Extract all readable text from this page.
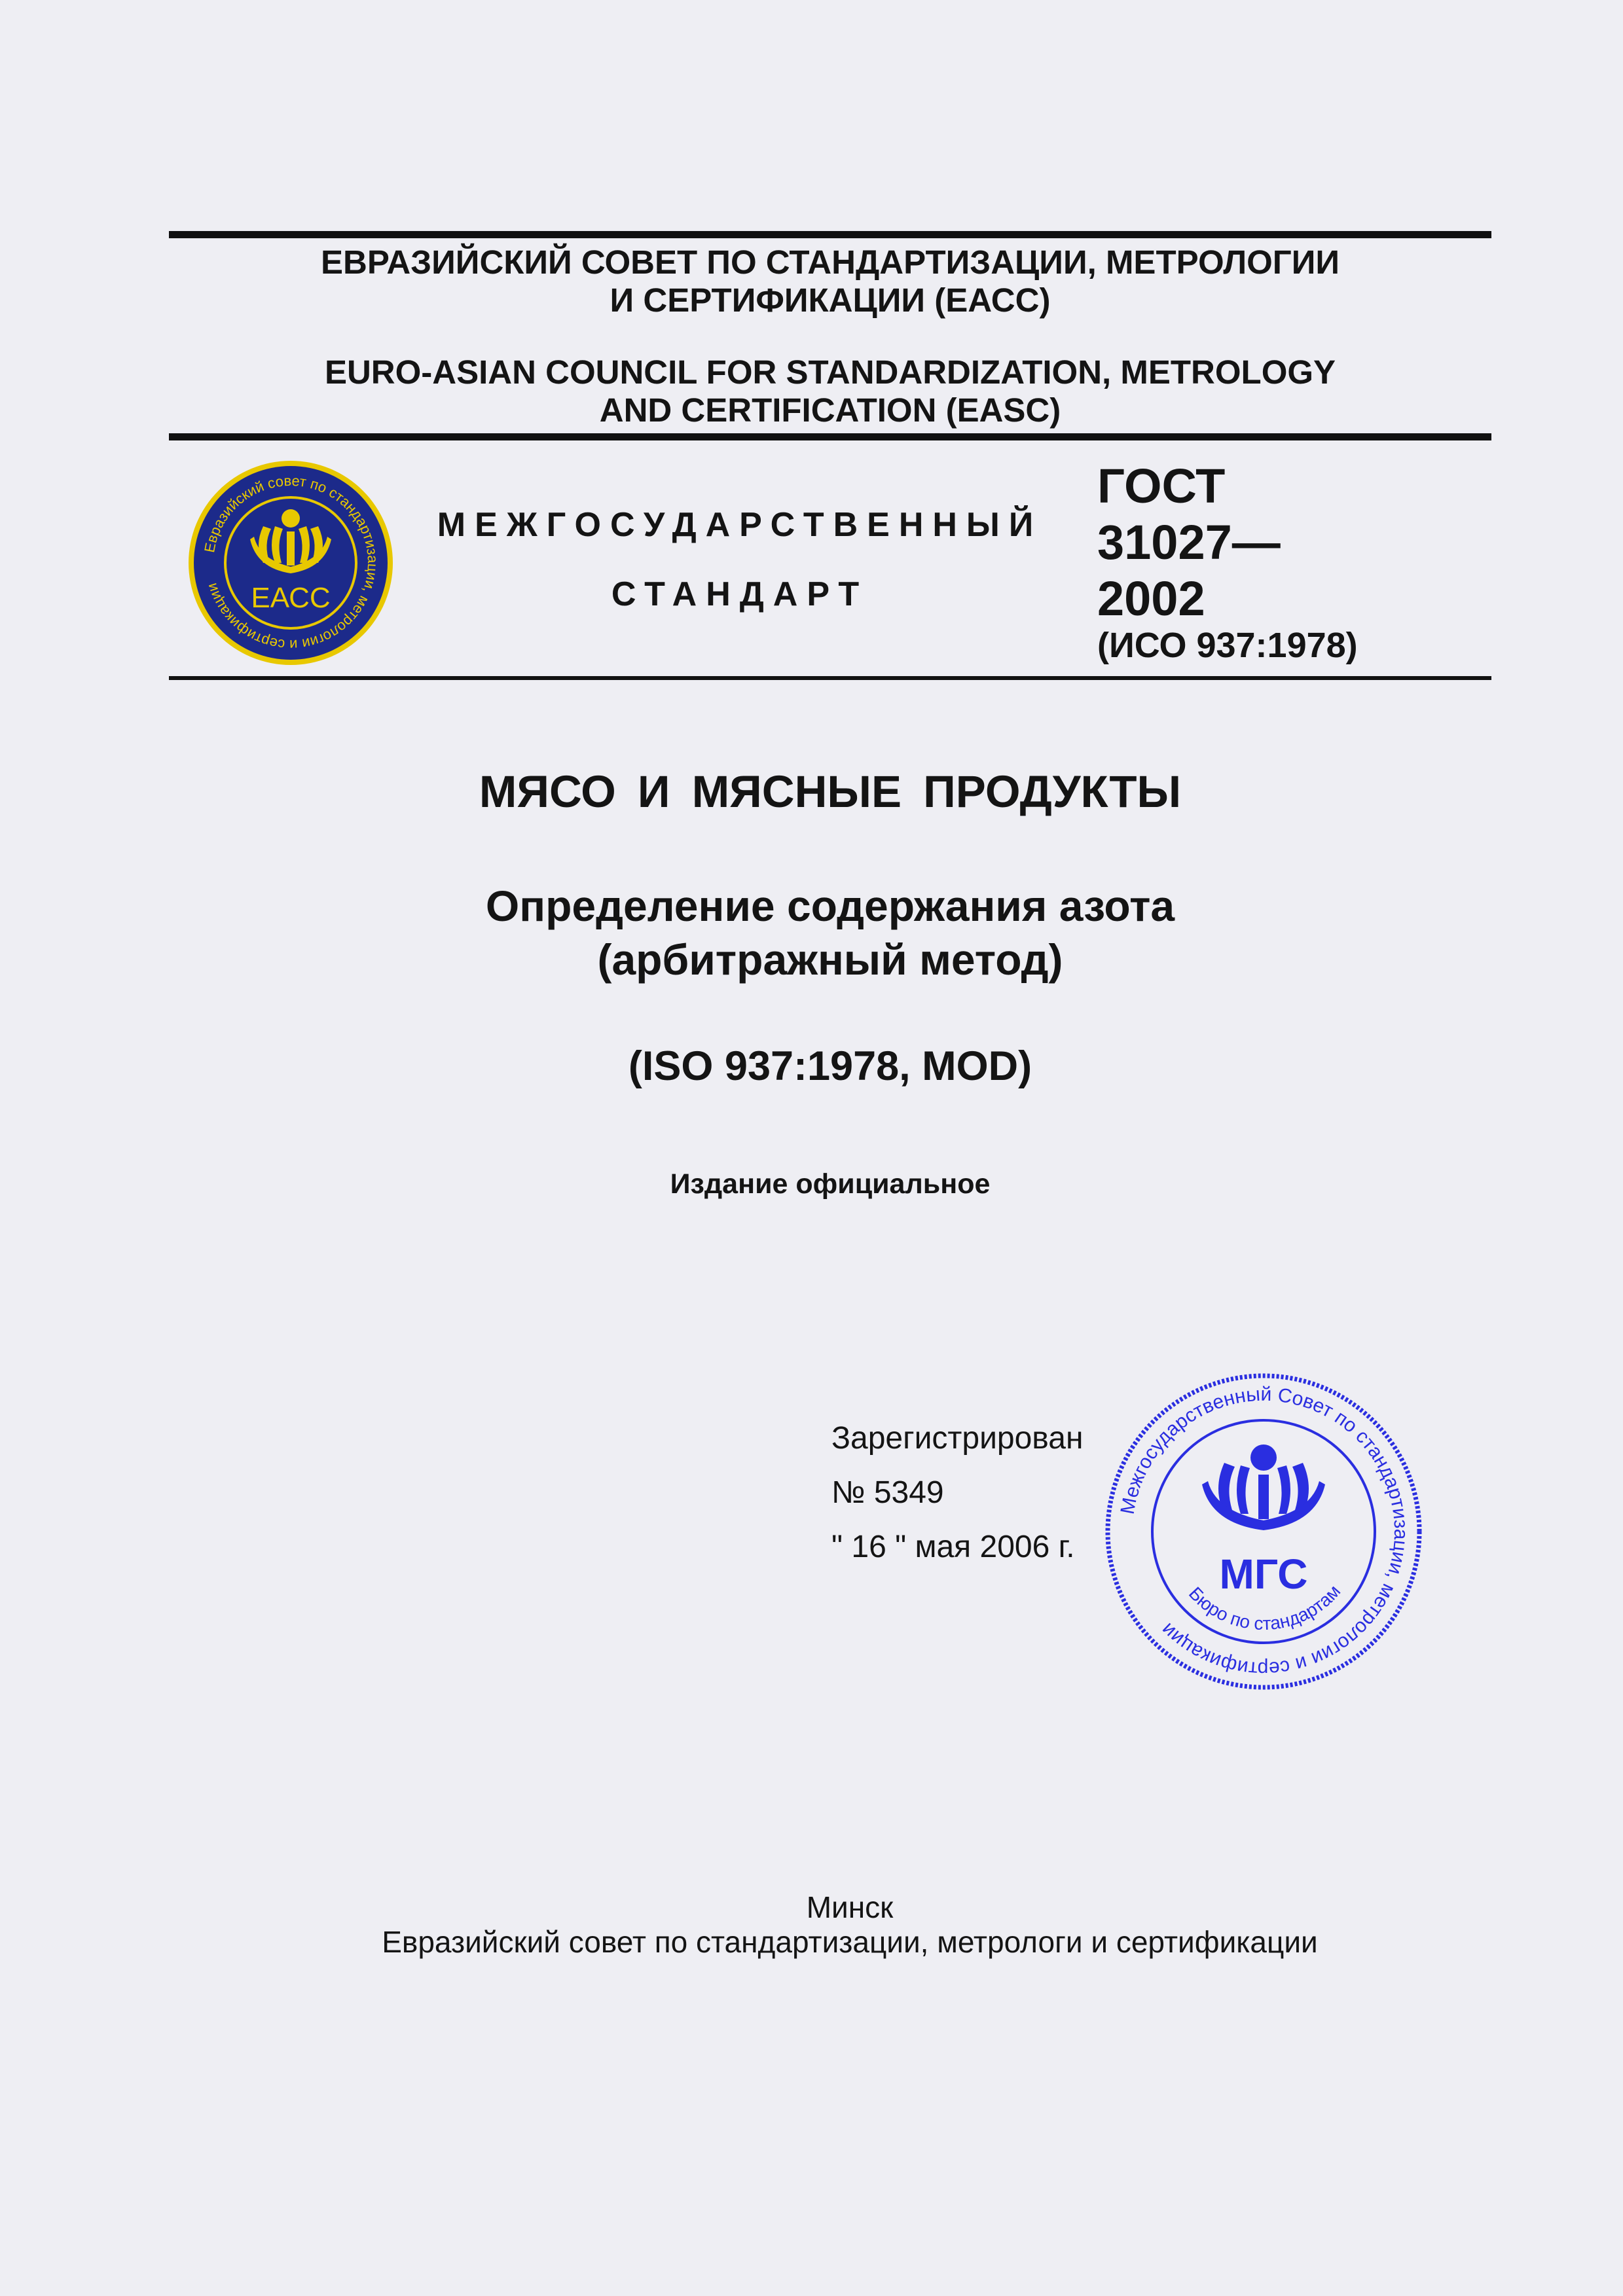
ЕВРАЗИЙСКИЙ СОВЕТ ПО СТАНДАРТИЗАЦИИ, МЕТРОЛОГИИ
И СЕРТИФИКАЦИИ (ЕАСС)
EURO-ASIAN COUNCIL FOR STANDARDIZATION, METROLOGY
AND CERTIFICATION (EASC)
Евразийский совет по стандартизации, метрологии и сертификации	ЕАСС
МЕЖГОСУДАРСТВЕННЫЙ
СТАНДАРТ
ГОСТ
31027—
2002
(ИСО 937:1978)
МЯСО И МЯСНЫЕ ПРОДУКТЫ
Определение содержания азота
(арбитражный метод)
(ISO 937:1978, MOD)
Издание официальное
Зарегистрирован
№ 5349
" 16 " мая 2006 г.
Межгосударственный Совет по стандартизации, метрологии и сертификации
Бюро по стандартам
МГС
Минск
Евразийский совет по стандартизации, метрологи и сертификации
